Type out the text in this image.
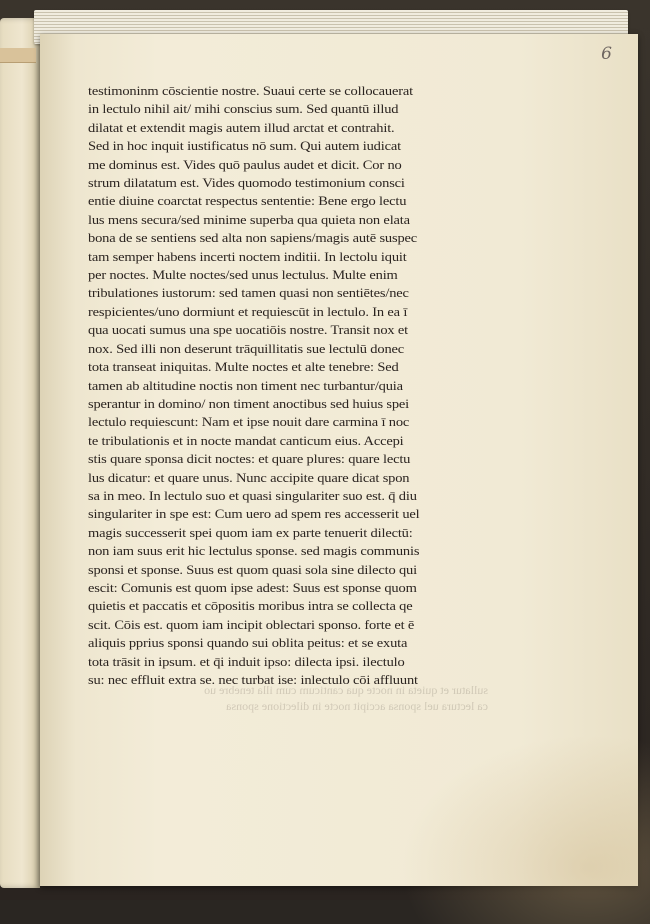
6
testimoninm cōscientie nostre. Suaui certe se collocauerat
in lectulo nihil ait/ mihi conscius sum. Sed quantū illud
dilatat et extendit magis autem illud arctat et contrahit.
Sed in hoc inquit iustificatus nō sum. Qui autem iudicat
me dominus est. Vides quō paulus audet et dicit. Cor no
strum dilatatum est. Vides quomodo testimonium consci
entie diuine coarctat respectus sententie: Bene ergo lectu
lus mens secura/sed minime superba qua quieta non elata
bona de se sentiens sed alta non sapiens/magis autē suspec
tam semper habens incerti noctem inditii. In lectolu iquit
per noctes. Multe noctes/sed unus lectulus. Multe enim
tribulationes iustorum: sed tamen quasi non sentiētes/nec
respicientes/uno dormiunt et requiescūt in lectulo. In ea ī
qua uocati sumus una spe uocatiōis nostre. Transit nox et
nox. Sed illi non deserunt trāquillitatis sue lectulū donec
tota transeat iniquitas. Multe noctes et alte tenebre: Sed
tamen ab altitudine noctis non timent nec turbantur/quia
sperantur in domino/ non timent anoctibus sed huius spei
lectulo requiescunt: Nam et ipse nouit dare carmina ī noc
te tribulationis et in nocte mandat canticum eius. Accepi
stis quare sponsa dicit noctes: et quare plures: quare lectu
lus dicatur: et quare unus. Nunc accipite quare dicat spon
sa in meo. In lectulo suo et quasi singulariter suo est. q̄ diu
singulariter in spe est: Cum uero ad spem res accesserit uel
magis successerit spei quom iam ex parte tenuerit dilectū:
non iam suus erit hic lectulus sponse. sed magis communis
sponsi et sponse. Suus est quom quasi sola sine dilecto qui
escit: Comunis est quom ipse adest: Suus est sponse quom
quietis et paccatis et cōpositis moribus intra se collecta qe
scit. Cōis est. quom iam incipit oblectari sponso. forte et ē
aliquis pprius sponsi quando sui oblita peitus: et se exuta
tota trāsit in ipsum. et q̄i induit ipso: dilecta ipsi. ilectulo
su: nec effluit extra se. nec turbat ise: inlectulo cōi affluunt
sullatur et quieta in nocte qua canticum cum illa tenebre uo
ca lectura uel sponsa accipit nocte in dilectione sponsa
